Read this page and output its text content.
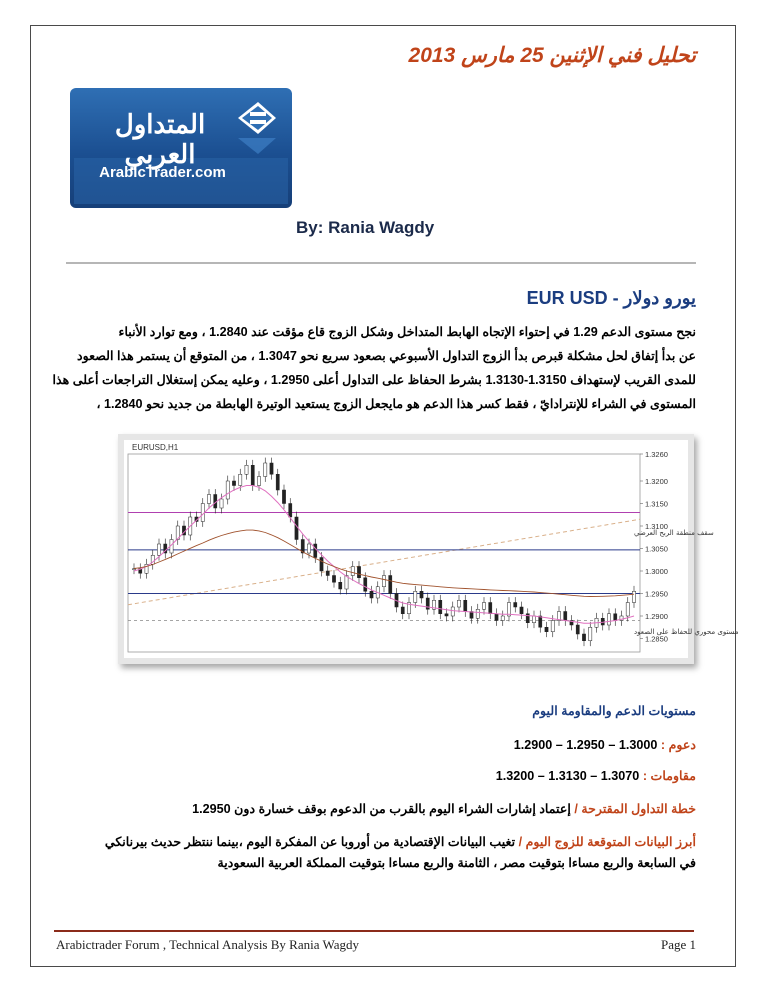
تحليل فني الإثنين 25 مارس 2013
المتداول العربي
ArabicTrader.com
By: Rania Wagdy
يورو دولار - EUR USD
نجح مستوى الدعم 1.29 في إحتواء الإتجاه الهابط المتداخل وشكل الزوج قاع مؤقت عند 1.2840 ، ومع توارد الأنباء
عن بدأ إتفاق لحل مشكلة قبرص بدأ الزوج التداول الأسبوعي بصعود سريع نحو 1.3047 ، من المتوقع أن يستمر هذا الصعود
للمدى القريب لإستهداف 1.3150-1.3130 بشرط الحفاظ على التداول أعلى 1.2950 ، وعليه يمكن إستغلال التراجعات أعلى هذا
المستوى في الشراء للإنترادايّ ، فقط كسر هذا الدعم هو مايجعل الزوج يستعيد الوتيرة الهابطة من جديد نحو 1.2840 ،
EURUSD,H1
1.3260
1.3200
1.3150
1.3100
1.3050
1.3000
1.2950
1.2900
1.2850
سقف منطقة الربح العرضي
مستوى محوري للحفاظ على الصعود
مستويات الدعم والمقاومة اليوم
دعوم : 1.3000 – 1.2950 – 1.2900
مقاومات : 1.3070 – 1.3130 – 1.3200
خطة التداول المقترحة / إعتماد إشارات الشراء اليوم بالقرب من الدعوم بوقف خسارة دون 1.2950
أبرز البيانات المتوقعة للزوج اليوم / تغيب البيانات الإقتصادية من أوروبا عن المفكرة اليوم ،بينما ننتظر حديث بيرنانكي
في السابعة والربع مساءا بتوقيت مصر ، الثامنة والربع مساءا بتوقيت المملكة العربية السعودية
Arabictrader Forum , Technical Analysis By Rania Wagdy	Page 1
